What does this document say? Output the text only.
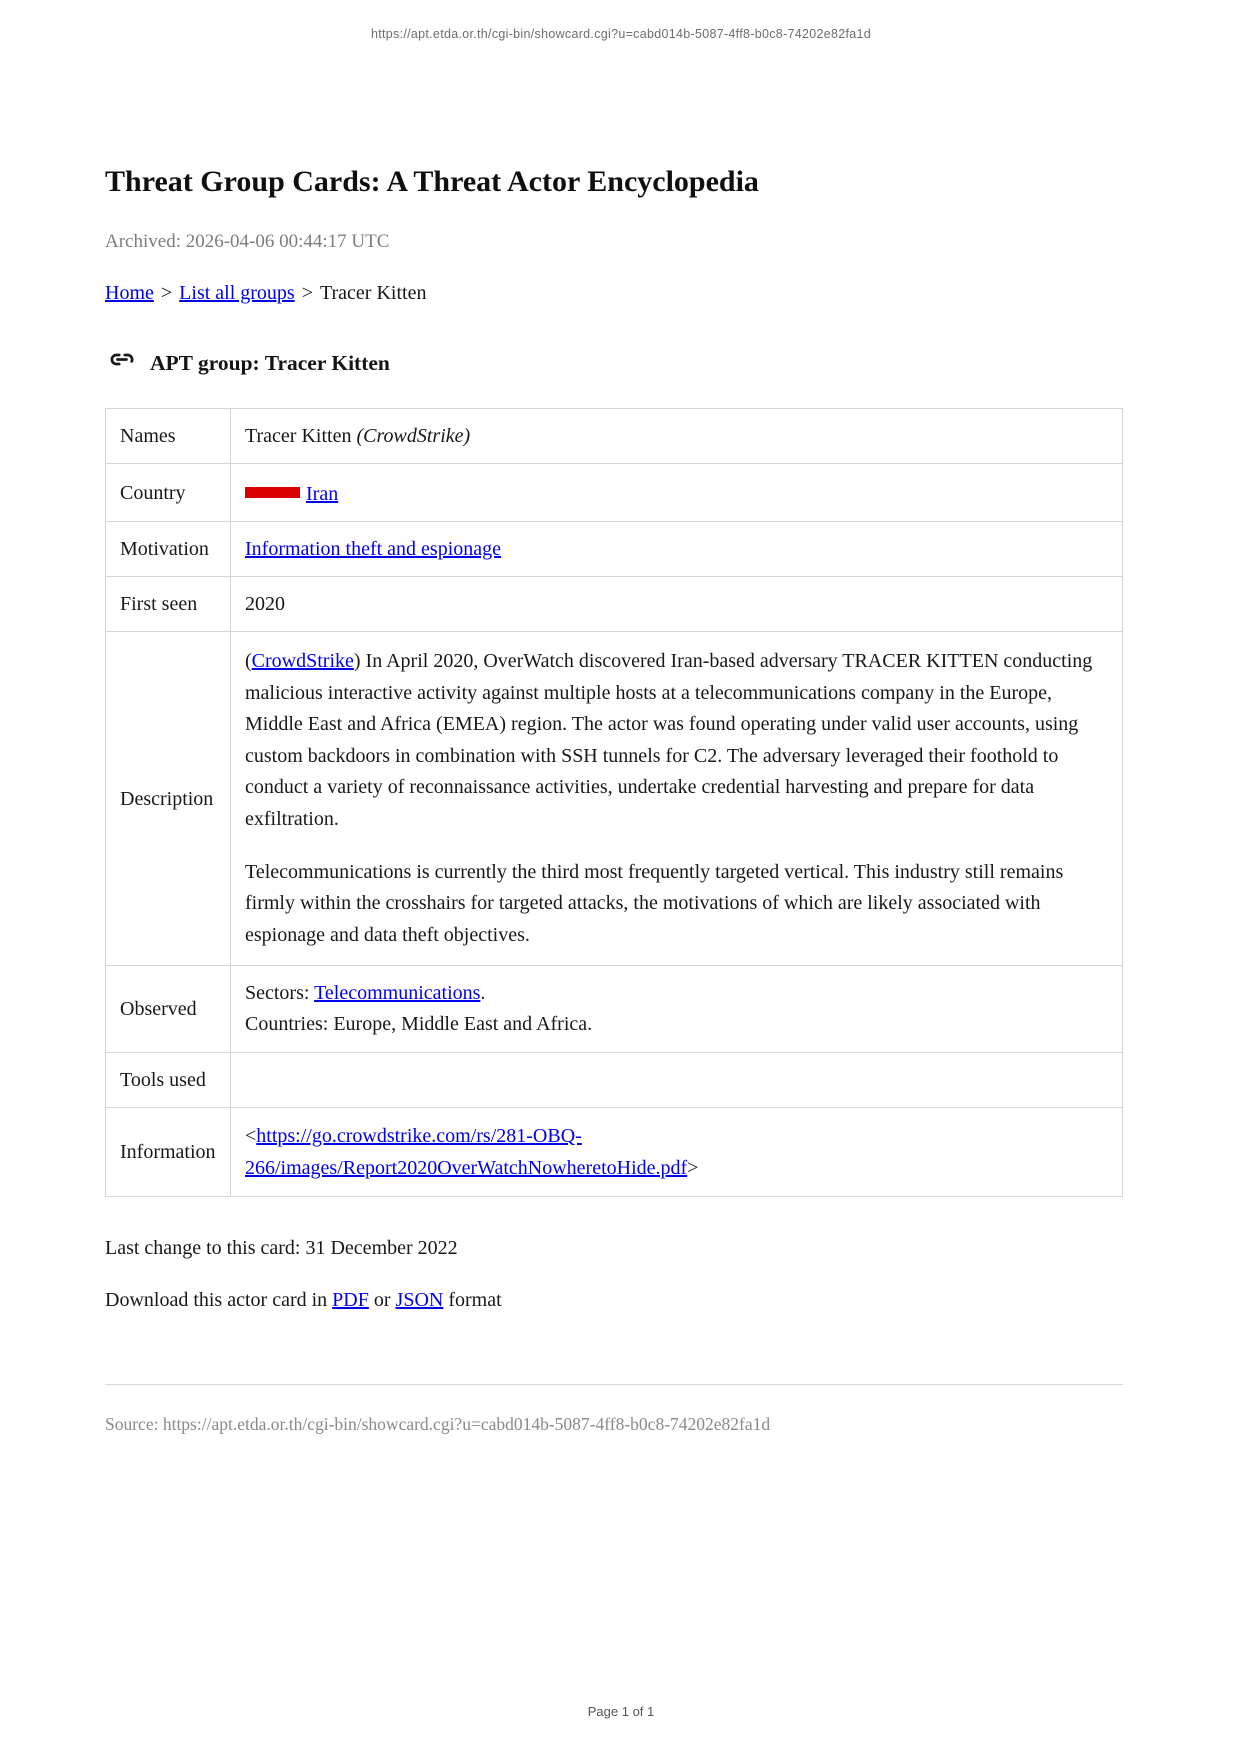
https://apt.etda.or.th/cgi-bin/showcard.cgi?u=cabd014b-5087-4ff8-b0c8-74202e82fa1d
Threat Group Cards: A Threat Actor Encyclopedia
Archived: 2026-04-06 00:44:17 UTC
Home > List all groups > Tracer Kitten
APT group: Tracer Kitten
Names	Tracer Kitten (CrowdStrike)
Country	Iran
Motivation	Information theft and espionage
First seen	2020
Description	(CrowdStrike) In April 2020, OverWatch discovered Iran-based adversary TRACER KITTEN conducting malicious interactive activity against multiple hosts at a telecommunications company in the Europe, Middle East and Africa (EMEA) region. The actor was found operating under valid user accounts, using custom backdoors in combination with SSH tunnels for C2. The adversary leveraged their foothold to conduct a variety of reconnaissance activities, undertake credential harvesting and prepare for data exfiltration.

Telecommunications is currently the third most frequently targeted vertical. This industry still remains firmly within the crosshairs for targeted attacks, the motivations of which are likely associated with espionage and data theft objectives.

Observed	Sectors: Telecommunications.
Countries: Europe, Middle East and Africa.

Tools used	
Information	<https://go.crowdstrike.com/rs/281-OBQ-266/images/Report2020OverWatchNowheretoHide.pdf>
Last change to this card: 31 December 2022
Download this actor card in PDF or JSON format
Source: https://apt.etda.or.th/cgi-bin/showcard.cgi?u=cabd014b-5087-4ff8-b0c8-74202e82fa1d
Page 1 of 1
